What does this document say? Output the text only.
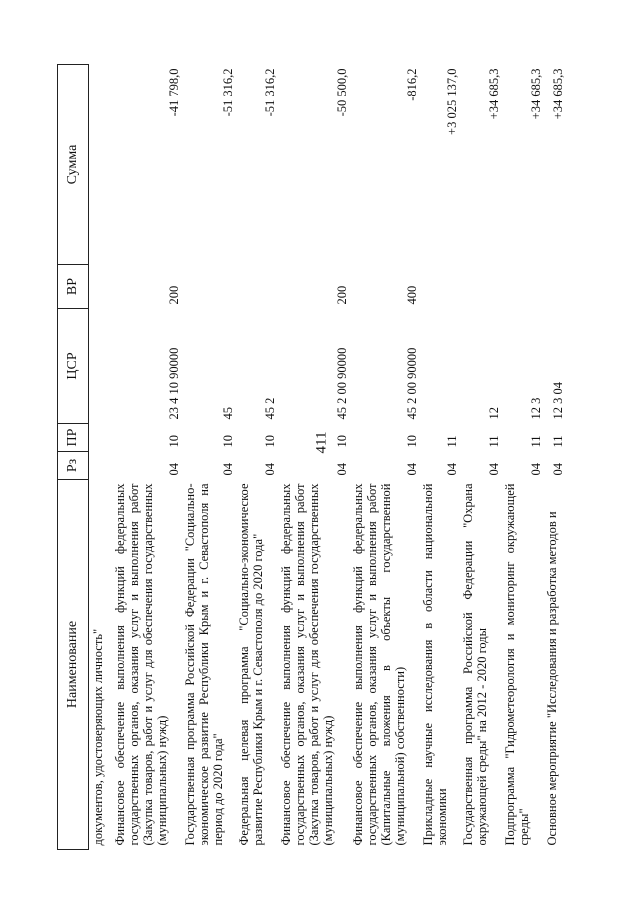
411
Наименование	Рз	ПР	ЦСР	ВР	Сумма
документов, удостоверяющих личность"					
Финансовое обеспечение выполнения функций федеральных государственных органов, оказания услуг и выполнения работ (Закупка товаров, работ и услуг для обеспечения государственных (муниципальных) нужд)	04	10	23 4 10 90000	200	-41 798,0
Государственная программа Российской Федерации "Социально-экономическое развитие Республики Крым и г. Севастополя на период до 2020 года"	04	10	45		-51 316,2
Федеральная целевая программа "Социально-экономическое развитие Республики Крым и г. Севастополя до 2020 года"	04	10	45 2		-51 316,2
Финансовое обеспечение выполнения функций федеральных государственных органов, оказания услуг и выполнения работ (Закупка товаров, работ и услуг для обеспечения государственных (муниципальных) нужд)	04	10	45 2 00 90000	200	-50 500,0
Финансовое обеспечение выполнения функций федеральных государственных органов, оказания услуг и выполнения работ (Капитальные вложения в объекты государственной (муниципальной) собственности)	04	10	45 2 00 90000	400	-816,2
Прикладные научные исследования в области национальной экономики	04	11			+3 025 137,0
Государственная программа Российской Федерации "Охрана окружающей среды" на 2012 - 2020 годы	04	11	12		+34 685,3
Подпрограмма "Гидрометеорология и мониторинг окружающей среды"	04	11	12 3		+34 685,3
Основное мероприятие "Исследования и разработка методов и	04	11	12 3 04		+34 685,3
